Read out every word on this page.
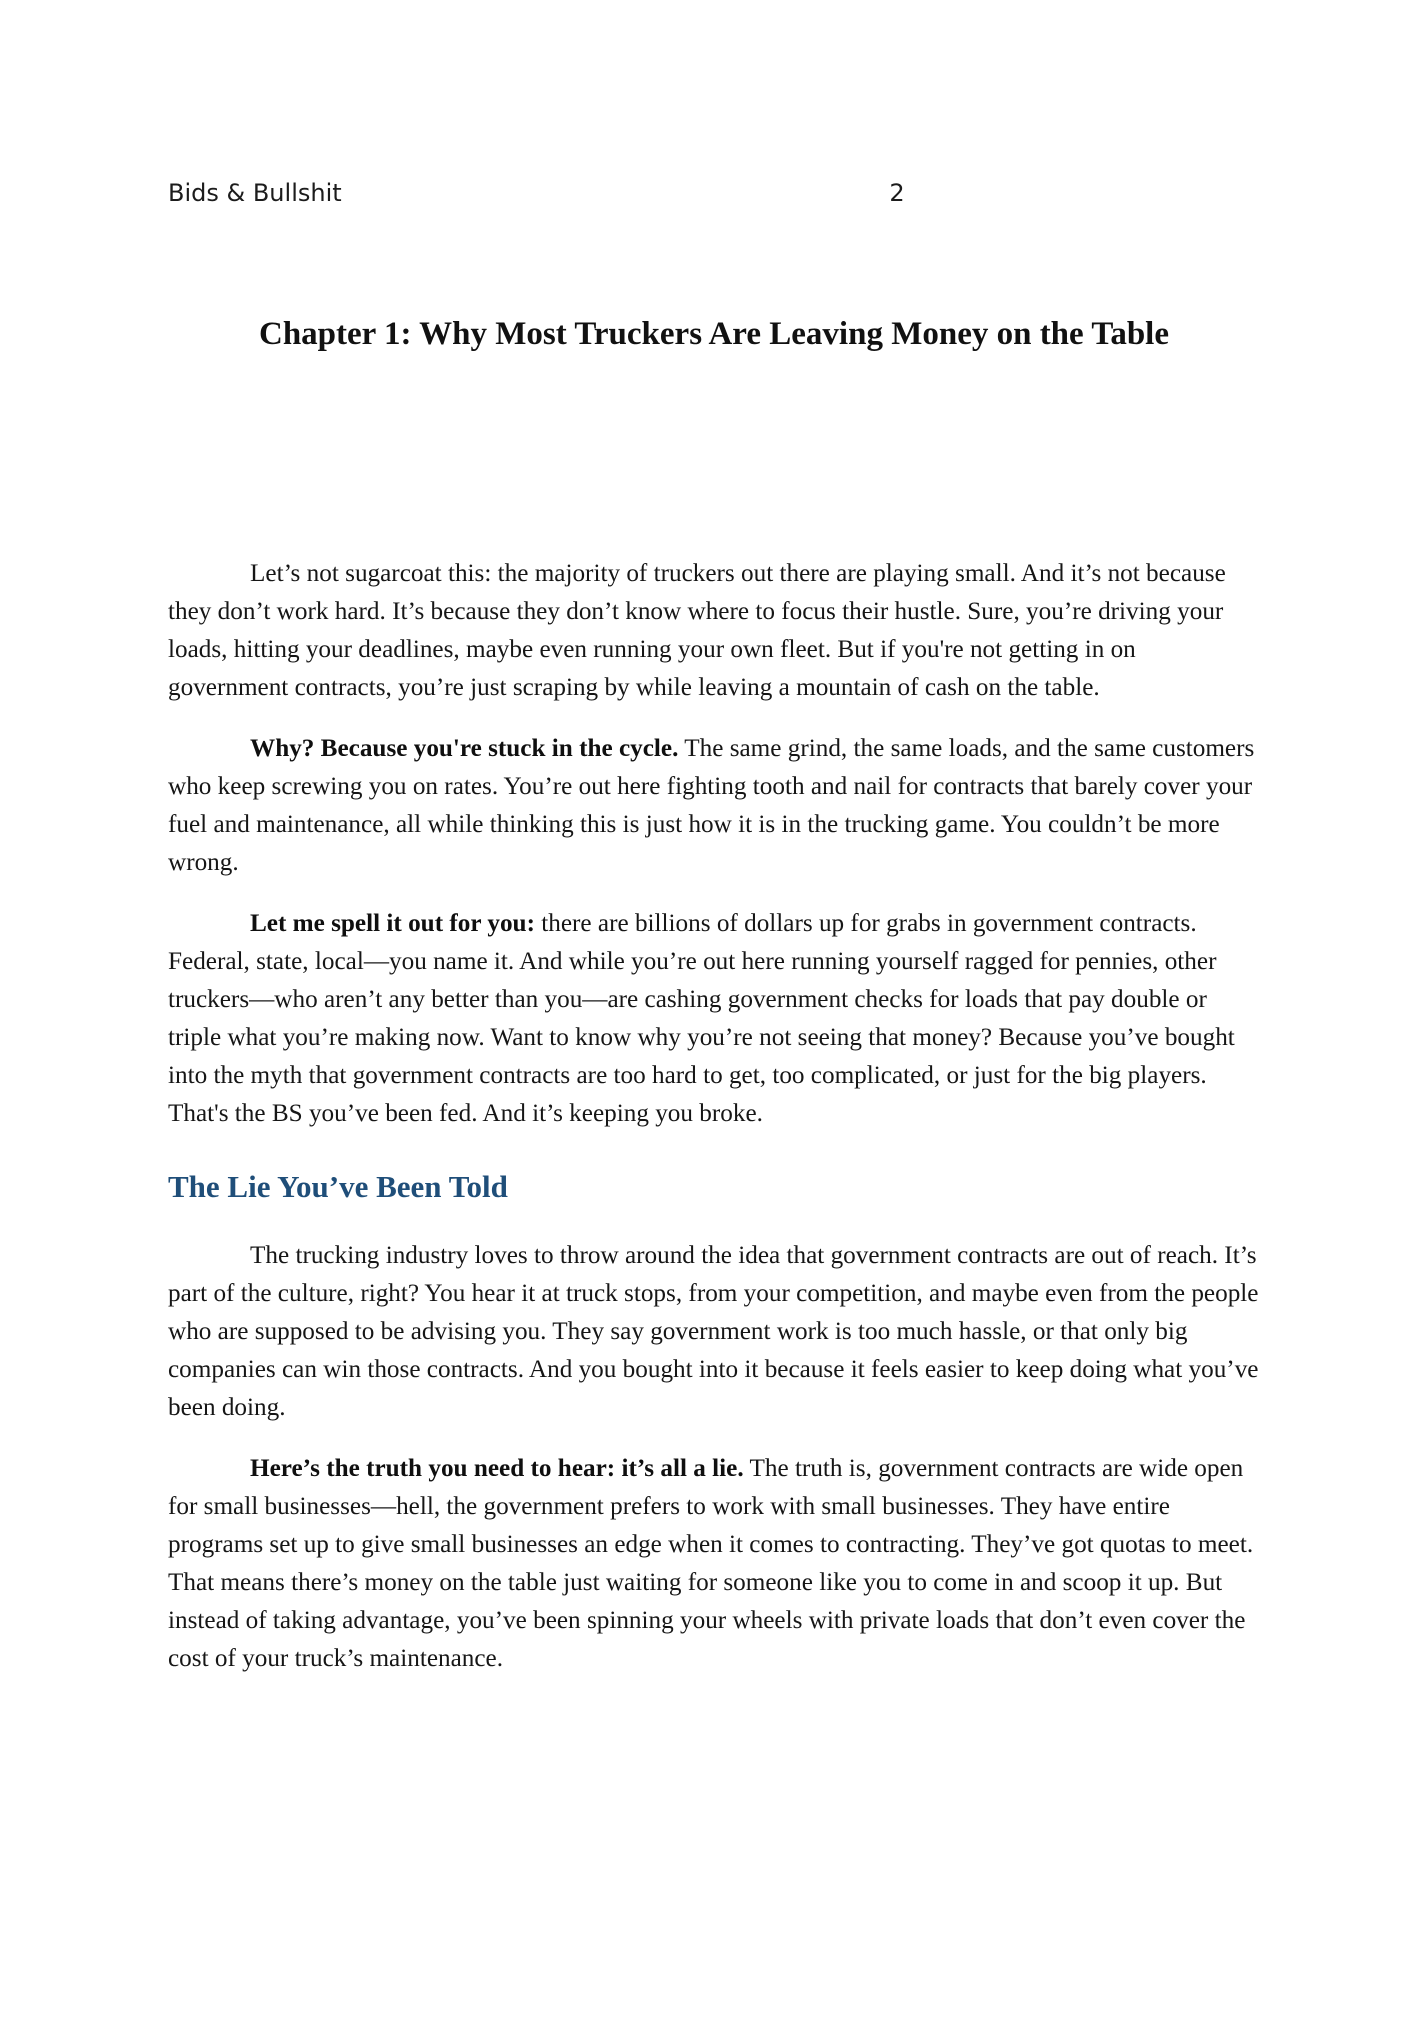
Bids & Bullshit	2
Chapter 1: Why Most Truckers Are Leaving Money on the Table

Let’s not sugarcoat this: the majority of truckers out there are playing small. And it’s not because they don’t work hard. It’s because they don’t know where to focus their hustle. Sure, you’re driving your loads, hitting your deadlines, maybe even running your own fleet. But if you're not getting in on government contracts, you’re just scraping by while leaving a mountain of cash on the table.

Why? Because you're stuck in the cycle. The same grind, the same loads, and the same customers who keep screwing you on rates. You’re out here fighting tooth and nail for contracts that barely cover your fuel and maintenance, all while thinking this is just how it is in the trucking game. You couldn’t be more wrong.

Let me spell it out for you: there are billions of dollars up for grabs in government contracts. Federal, state, local—you name it. And while you’re out here running yourself ragged for pennies, other truckers—who aren’t any better than you—are cashing government checks for loads that pay double or triple what you’re making now. Want to know why you’re not seeing that money? Because you’ve bought into the myth that government contracts are too hard to get, too complicated, or just for the big players. That's the BS you’ve been fed. And it’s keeping you broke.

The Lie You’ve Been Told

The trucking industry loves to throw around the idea that government contracts are out of reach. It’s part of the culture, right? You hear it at truck stops, from your competition, and maybe even from the people who are supposed to be advising you. They say government work is too much hassle, or that only big companies can win those contracts. And you bought into it because it feels easier to keep doing what you’ve been doing.

Here’s the truth you need to hear: it’s all a lie. The truth is, government contracts are wide open for small businesses—hell, the government prefers to work with small businesses. They have entire programs set up to give small businesses an edge when it comes to contracting. They’ve got quotas to meet. That means there’s money on the table just waiting for someone like you to come in and scoop it up. But instead of taking advantage, you’ve been spinning your wheels with private loads that don’t even cover the cost of your truck’s maintenance.
